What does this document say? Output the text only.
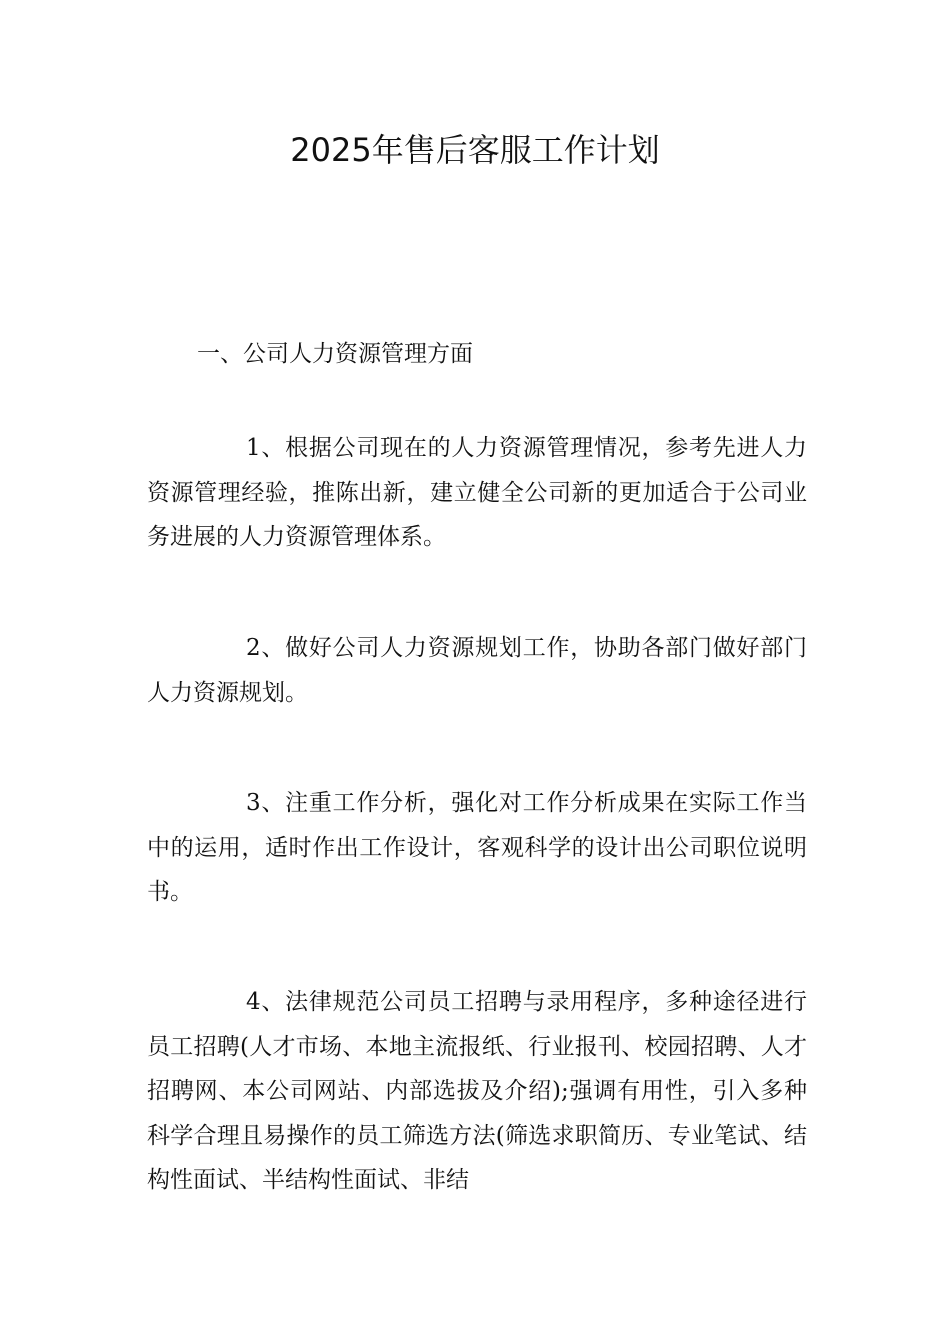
2025年售后客服工作计划

一、公司人力资源管理方面

1、根据公司现在的人力资源管理情况，参考先进人力资源管理经验，推陈出新，建立健全公司新的更加适合于公司业务进展的人力资源管理体系。

2、做好公司人力资源规划工作，协助各部门做好部门人力资源规划。

3、注重工作分析，强化对工作分析成果在实际工作当中的运用，适时作出工作设计，客观科学的设计出公司职位说明书。

4、法律规范公司员工招聘与录用程序，多种途径进行员工招聘(人才市场、本地主流报纸、行业报刊、校园招聘、人才招聘网、本公司网站、内部选拔及介绍);强调有用性，引入多种科学合理且易操作的员工筛选方法(筛选求职简历、专业笔试、结构性面试、半结构性面试、非结
